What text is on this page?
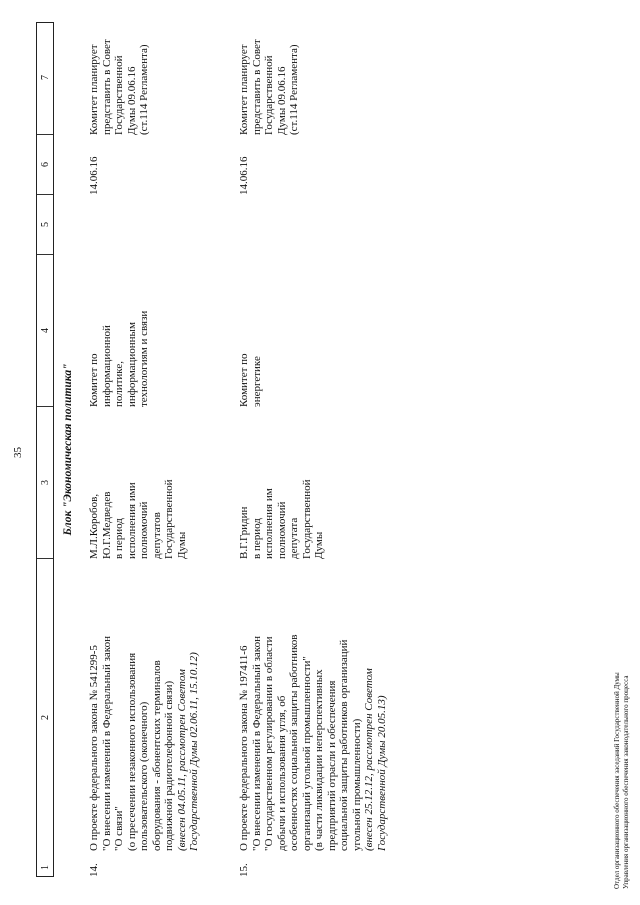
35
1
2
3
4
5
6
7
Блок "Экономическая политика"
14.
О проекте федерального закона № 541299-5 "О внесении изменений в Федеральный закон "О связи" (о пресечении незаконного использования пользовательского (оконечного) оборудования - абонентских терминалов подвижной радиотелефонной связи) (внесен 04.05.11, рассмотрен Советом Государственной Думы 02.06.11, 15.10.12)
М.Л.Коробов, Ю.Г.Медведев в период исполнения ими полномочий депутатов Государственной Думы
Комитет по информационной политике, информационным технологиям и связи
14.06.16
Комитет планирует представить в Совет Государственной Думы 09.06.16 (ст.114 Регламента)
15.
О проекте федерального закона № 197411-6 "О внесении изменений в Федеральный закон "О государственном регулировании в области добычи и использования угля, об особенностях социальной защиты работников организаций угольной промышленности" (в части ликвидации неперспективных предприятий отрасли и обеспечения социальной защиты работников организаций угольной промышленности) (внесен 25.12.12, рассмотрен Советом Государственной Думы 20.05.13)
В.Г.Гридин в период исполнения им полномочий депутата Государственной Думы
Комитет по энергетике
14.06.16
Комитет планирует представить в Совет Государственной Думы 09.06.16 (ст.114 Регламента)
Отдел организационного обеспечения заседаний Государственной Думы Управления организационного обеспечения законодательного процесса
